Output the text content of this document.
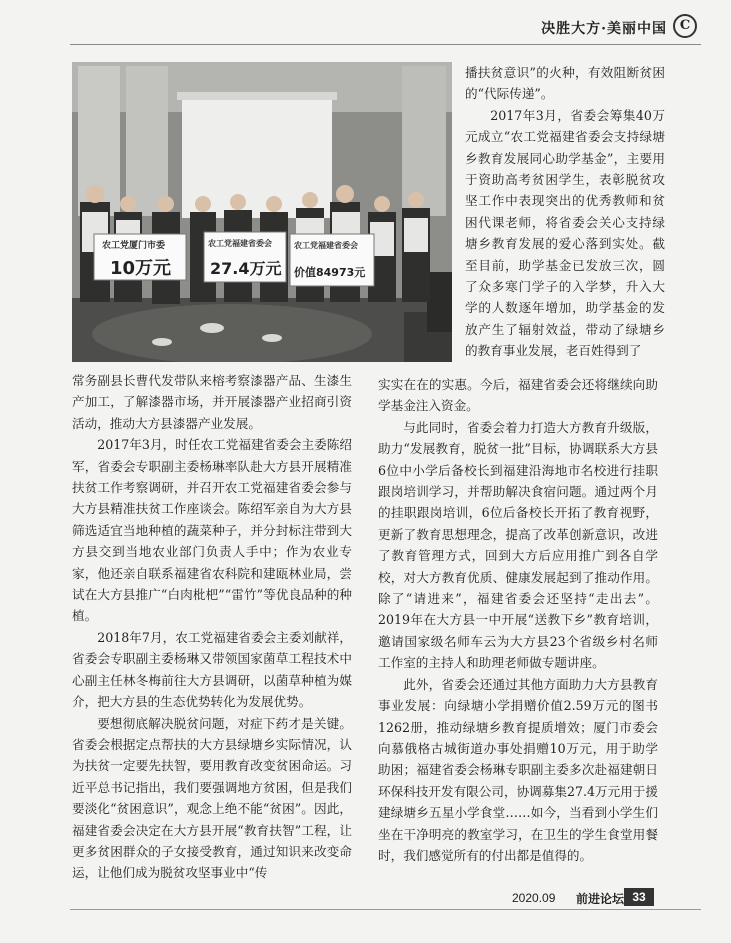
决胜大方·美丽中国 C
农工党厦门市委
10万元
农工党福建省委会
27.4万元
农工党福建省委会
价值84973元

播扶贫意识”的火种，有效阻断贫困的“代际传递”。

2017年3月，省委会筹集40万元成立“农工党福建省委会支持绿塘乡教育发展同心助学基金”，主要用于资助高考贫困学生，表彰脱贫攻坚工作中表现突出的优秀教师和贫困代课老师，将省委会关心支持绿塘乡教育发展的爱心落到实处。截至目前，助学基金已发放三次，圆了众多寒门学子的入学梦，升入大学的人数逐年增加，助学基金的发放产生了辐射效益，带动了绿塘乡的教育事业发展，老百姓得到了

常务副县长曹代发带队来榕考察漆器产品、生漆生产加工，了解漆器市场，并开展漆器产业招商引资活动，推动大方县漆器产业发展。

2017年3月，时任农工党福建省委会主委陈绍军，省委会专职副主委杨琳率队赴大方县开展精准扶贫工作考察调研，并召开农工党福建省委会参与大方县精准扶贫工作座谈会。陈绍军亲自为大方县筛选适宜当地种植的蔬菜种子，并分封标注带到大方县交到当地农业部门负责人手中；作为农业专家，他还亲自联系福建省农科院和建瓯林业局，尝试在大方县推广“白肉枇杷”“雷竹”等优良品种的种植。

2018年7月，农工党福建省委会主委刘献祥，省委会专职副主委杨琳又带领国家菌草工程技术中心副主任林冬梅前往大方县调研，以菌草种植为媒介，把大方县的生态优势转化为发展优势。

要想彻底解决脱贫问题，对症下药才是关键。省委会根据定点帮扶的大方县绿塘乡实际情况，认为扶贫一定要先扶智，要用教育改变贫困命运。习近平总书记指出，我们要强调地方贫困，但是我们要淡化“贫困意识”，观念上绝不能“贫困”。因此，福建省委会决定在大方县开展“教育扶智”工程，让更多贫困群众的子女接受教育，通过知识来改变命运，让他们成为脱贫攻坚事业中“传

实实在在的实惠。今后，福建省委会还将继续向助学基金注入资金。

与此同时，省委会着力打造大方教育升级版，助力“发展教育，脱贫一批”目标，协调联系大方县6位中小学后备校长到福建沿海地市名校进行挂职跟岗培训学习，并帮助解决食宿问题。通过两个月的挂职跟岗培训，6位后备校长开拓了教育视野，更新了教育思想理念，提高了改革创新意识，改进了教育管理方式，回到大方后应用推广到各自学校，对大方教育优质、健康发展起到了推动作用。除了“请进来”，福建省委会还坚持“走出去”。2019年在大方县一中开展“送教下乡”教育培训，邀请国家级名师车云为大方县23个省级乡村名师工作室的主持人和助理老师做专题讲座。

此外，省委会还通过其他方面助力大方县教育事业发展：向绿塘小学捐赠价值2.59万元的图书1262册，推动绿塘乡教育提质增效；厦门市委会向慕俄格古城街道办事处捐赠10万元，用于助学助困；福建省委会杨琳专职副主委多次赴福建朝日环保科技开发有限公司，协调募集27.4万元用于援建绿塘乡五星小学食堂……如今，当看到小学生们坐在干净明亮的教室学习，在卫生的学生食堂用餐时，我们感觉所有的付出都是值得的。

2020.09 前进论坛 33
